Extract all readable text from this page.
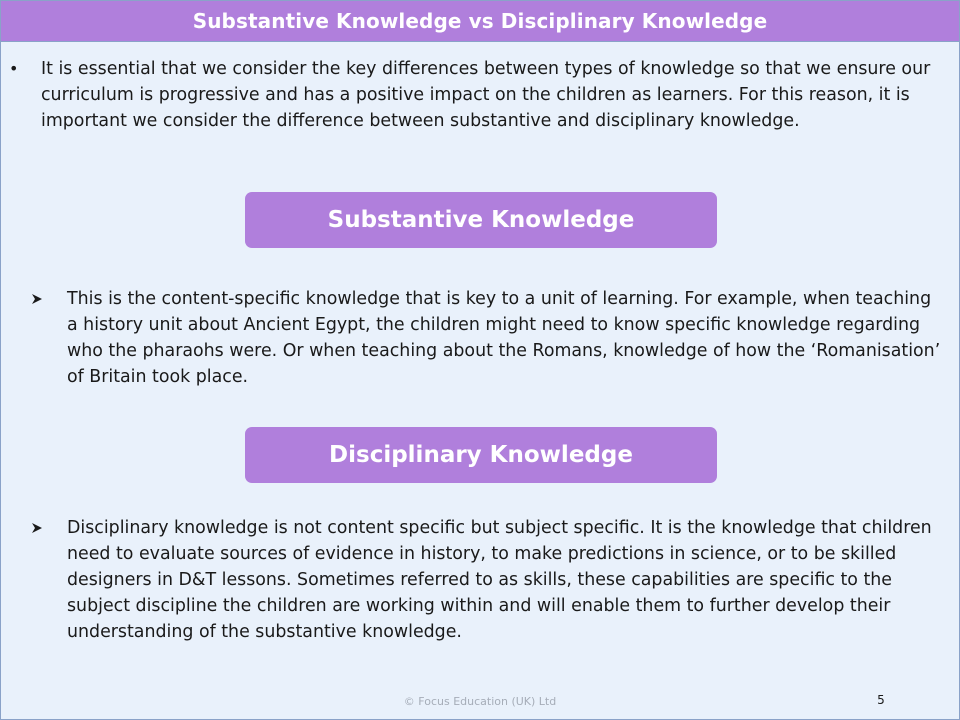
Substantive Knowledge vs Disciplinary Knowledge
• It is essential that we consider the key differences between types of knowledge so that we ensure our curriculum is progressive and has a positive impact on the children as learners. For this reason, it is important we consider the difference between substantive and disciplinary knowledge.

Substantive Knowledge

This is the content-specific knowledge that is key to a unit of learning. For example, when teaching a history unit about Ancient Egypt, the children might need to know specific knowledge regarding who the pharaohs were. Or when teaching about the Romans, knowledge of how the ‘Romanisation’ of Britain took place.

Disciplinary Knowledge

Disciplinary knowledge is not content specific but subject specific. It is the knowledge that children need to evaluate sources of evidence in history, to make predictions in science, or to be skilled designers in D&T lessons. Sometimes referred to as skills, these capabilities are specific to the subject discipline the children are working within and will enable them to further develop their understanding of the substantive knowledge.

© Focus Education (UK) Ltd	5
